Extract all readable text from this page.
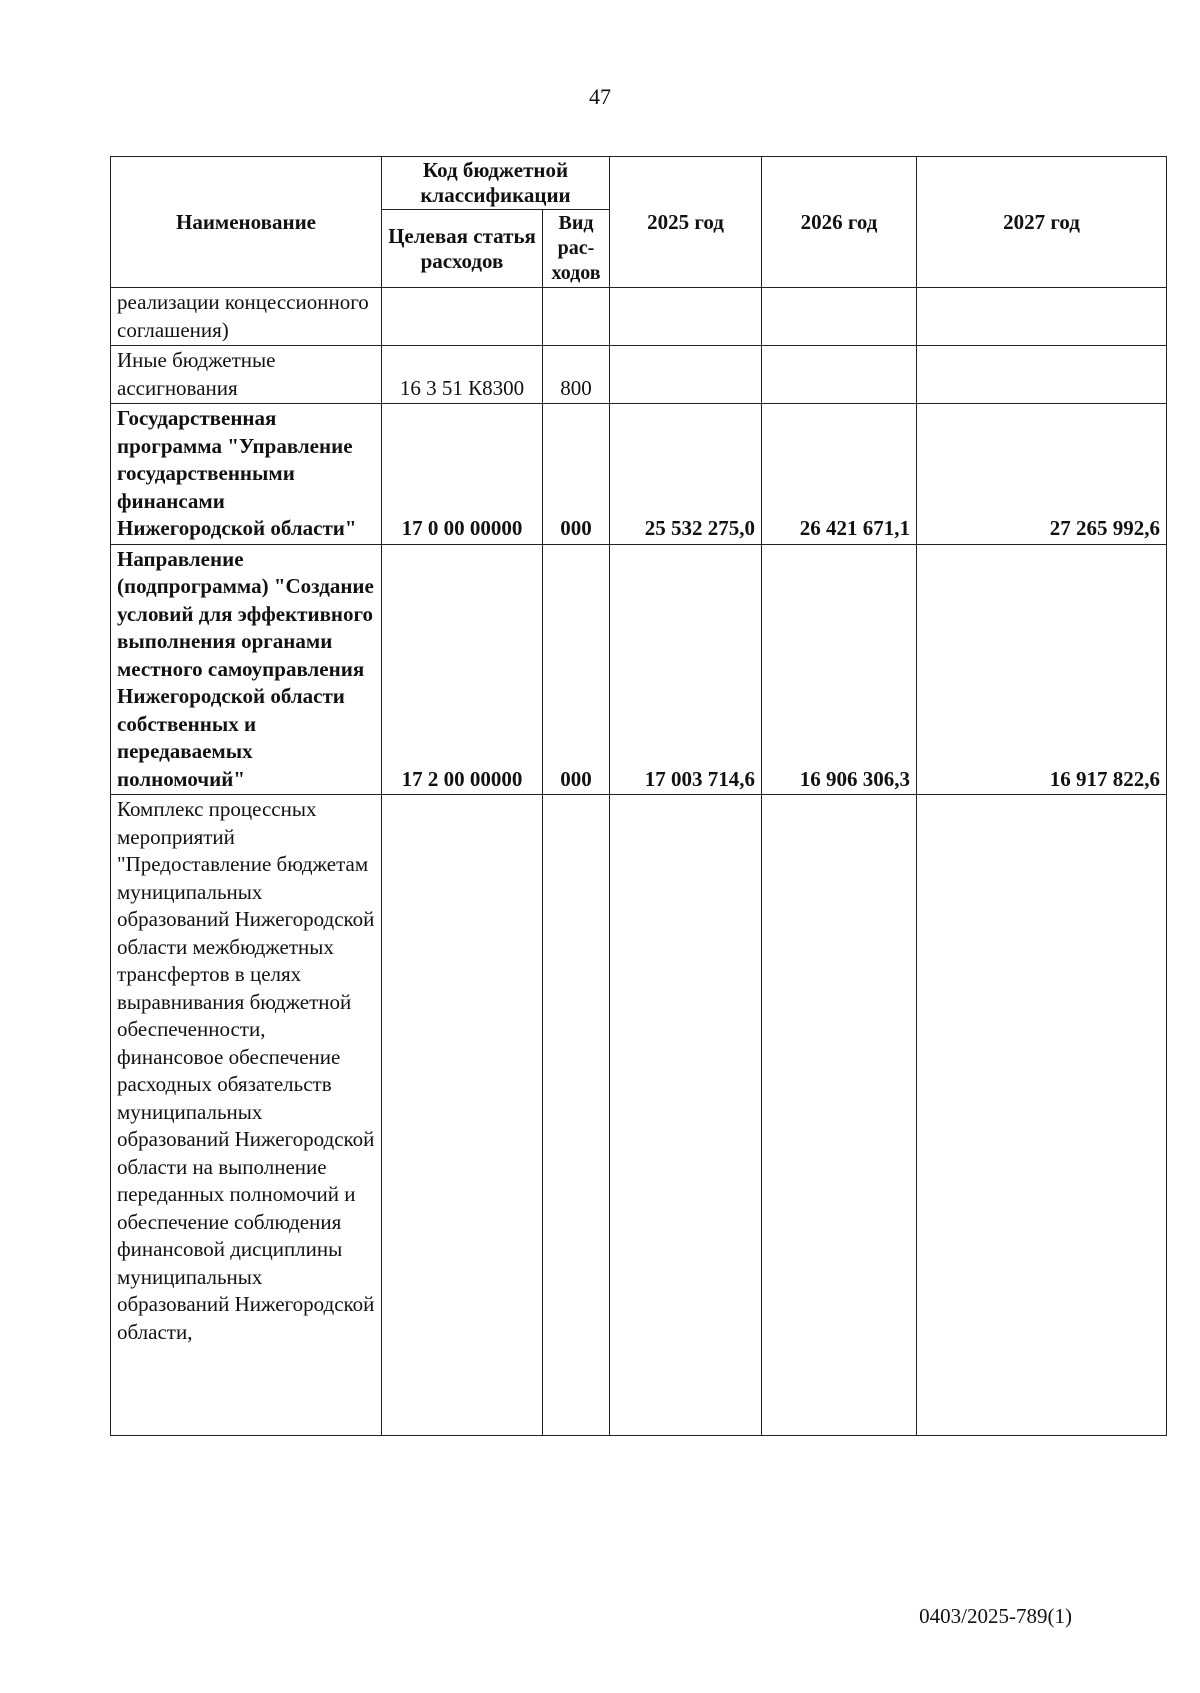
47
Наименование	Код бюджетной классификации		2025 год	2026 год	2027 год
	Целевая статья расходов	Вид рас-ходов			
реализации концессионного соглашения)					
Иные бюджетные ассигнования	16 3 51 К8300	800			
Государственная программа "Управление государственными финансами Нижегородской области"	17 0 00 00000	000	25 532 275,0	26 421 671,1	27 265 992,6
Направление (подпрограмма) "Создание условий для эффективного выполнения органами местного самоуправления Нижегородской области собственных и передаваемых полномочий"	17 2 00 00000	000	17 003 714,6	16 906 306,3	16 917 822,6
Комплекс процессных мероприятий "Предоставление бюджетам муниципальных образований Нижегородской области межбюджетных трансфертов в целях выравнивания бюджетной обеспеченности, финансовое обеспечение расходных обязательств муниципальных образований Нижегородской области на выполнение переданных полномочий и обеспечение соблюдения финансовой дисциплины муниципальных образований Нижегородской области,					
0403/2025-789(1)
